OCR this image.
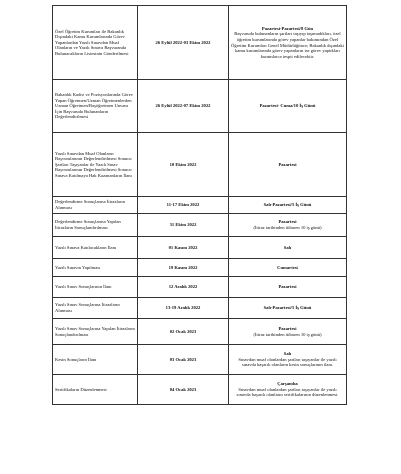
Özel Öğretim Kurumları ile Bakanlık Dışındaki Kamu Kurumlarında Görev Yapanlardan Yazılı Sınavdan Muaf Olanların ve Yazılı Sınava Başvuranda Bulunacakların Listesinin Gönderilmesi	26 Eylül 2022-03 Ekim 2022	Pazartesi-Pazartesi/8 Gün
Başvuruda bulunanların şartları taşıyıp taşımadıkları, özel öğretim kurumlarında görev yapanlar bakımından Özel Öğretim Kurumları Genel Müdürlüğünce; Bakanlık dışındaki kamu kurumlarında görev yapanların ise görev yaptıkları kurumlarca tespit edilecektir.

Bakanlık Kadro ve Pozisyonlarında Görev Yapan Öğretmen/Uzman Öğretmenlerden Uzman Öğretmen/Başöğretmen Unvanı İçin Başvuruda Bulunanların Değerlendirilmesi	26 Eylül 2022-07 Ekim 2022	Pazartesi- Cuma/10 İş Günü

Yazılı Sınavdan Muaf Olanların Başvurularının Değerlendirilmesi Sonucu Şartları Taşıyanlar ile Yazılı Sınav Başvurularının Değerlendirilmesi Sonucu Sınava Katılmaya Hak Kazananların İlanı	10 Ekim 2022	Pazartesi

Değerlendirme Sonuçlarına İtirazların Alınması	11-17 Ekim 2022	Salı-Pazartesi/5 İş Günü

Değerlendirme Sonuçlarına Yapılan İtirazların Sonuçlandırılması	31 Ekim 2022	Pazartesi
(İtiraz tarihinden itibaren 10 iş günü)

Yazılı Sınava Katılacakların İlanı	01 Kasım 2022	Salı

Yazılı Sınavın Yapılması	19 Kasım 2022	Cumartesi

Yazılı Sınav Sonuçlarının İlanı	12 Aralık 2022	Pazartesi

Yazılı Sınav Sonuçlarına İtirazların Alınması	13-19 Aralık 2022	Salı-Pazartesi/5 İş Günü

Yazılı Sınav Sonuçlarına Yapılan İtirazların Sonuçlandırılması	02 Ocak 2023	Pazartesi
(İtiraz tarihinden itibaren 10 iş günü)

Kesin Sonuçların İlanı	03 Ocak 2023	Salı
Sınavdan muaf olanlardan şartları taşıyanlar ile yazılı sınavda başarılı olanların kesin sonuçlarının ilanı.

Sertifikaların Düzenlenmesi	04 Ocak 2023	Çarşamba
Sınavdan muaf olanlardan şartları taşıyanlar ile yazılı sınavda başarılı olanların sertifikalarının düzenlenmesi.
